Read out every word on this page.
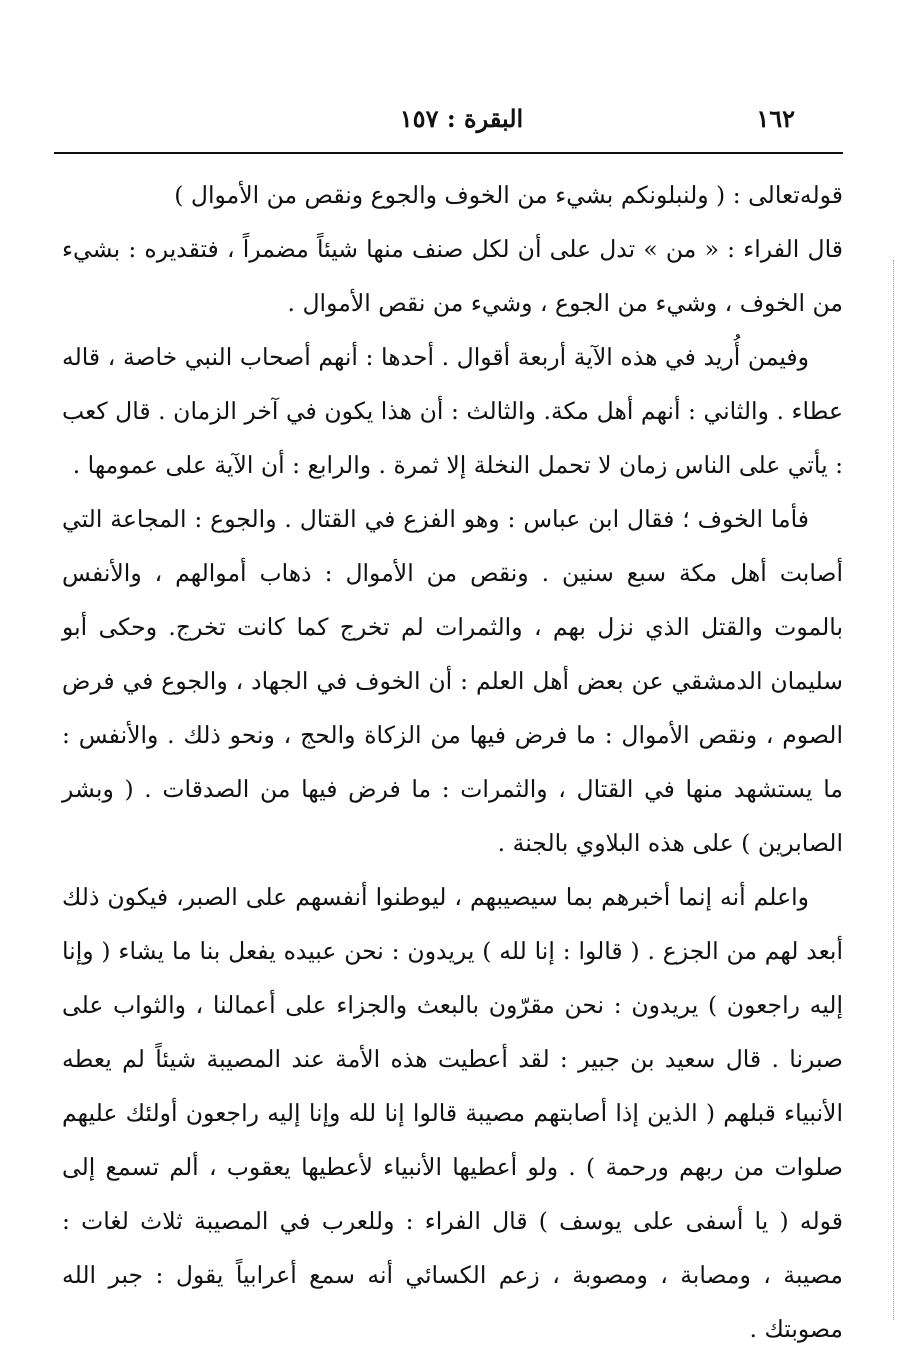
١٦٢
البقرة : ١٥٧

قوله‌تعالى : ( ولنبلونكم بشيء من الخوف والجوع ونقص من الأموال )

قال الفراء : « من » تدل على أن لكل صنف منها شيئاً مضمراً ، فتقديره : بشيء من الخوف ، وشيء من الجوع ، وشيء من نقص الأموال .

وفيمن أُريد في هذه الآية أربعة أقوال . أحدها : أنهم أصحاب النبي خاصة ، قاله عطاء . والثاني : أنهم أهل مكة. والثالث : أن هذا يكون في آخر الزمان . قال كعب : يأتي على الناس زمان لا تحمل النخلة إلا ثمرة . والرابع : أن الآية على عمومها .

فأما الخوف ؛ فقال ابن عباس : وهو الفزع في القتال . والجوع : المجاعة التي أصابت أهل مكة سبع سنين . ونقص من الأموال : ذهاب أموالهم ، والأنفس بالموت والقتل الذي نزل بهم ، والثمرات لم تخرج كما كانت تخرج. وحكى أبو سليمان الدمشقي عن بعض أهل العلم : أن الخوف في الجهاد ، والجوع في فرض الصوم ، ونقص الأموال : ما فرض فيها من الزكاة والحج ، ونحو ذلك . والأنفس : ما يستشهد منها في القتال ، والثمرات : ما فرض فيها من الصدقات . ( وبشر الصابرين ) على هذه البلاوي بالجنة .

واعلم أنه إنما أخبرهم بما سيصيبهم ، ليوطنوا أنفسهم على الصبر، فيكون ذلك أبعد لهم من الجزع . ( قالوا : إنا لله ) يريدون : نحن عبيده يفعل بنا ما يشاء ( وإنا إليه راجعون ) يريدون : نحن مقرّون بالبعث والجزاء على أعمالنا ، والثواب على صبرنا . قال سعيد بن جبير : لقد أعطيت هذه الأمة عند المصيبة شيئاً لم يعطه الأنبياء قبلهم ( الذين إذا أصابتهم مصيبة قالوا إنا لله وإنا إليه راجعون أولئك عليهم صلوات من ربهم ورحمة ) . ولو أعطيها الأنبياء لأعطيها يعقوب ، ألم تسمع إلى قوله ( يا أسفى على يوسف ) قال الفراء : وللعرب في المصيبة ثلاث لغات : مصيبة ، ومصابة ، ومصوبة ، زعم الكسائي أنه سمع أعرابياً يقول : جبر الله مصوبتك .
